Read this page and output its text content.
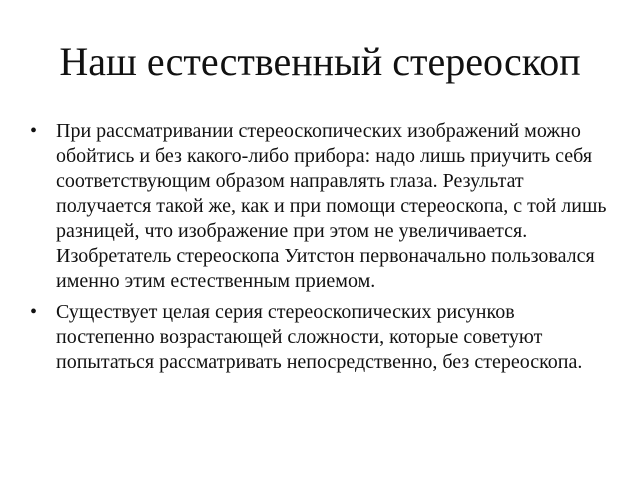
Наш естественный стереоскоп
• При рассматривании стереоскопических изображений можно обойтись и без какого-либо прибора: надо лишь приучить себя соответствующим образом направлять глаза. Результат получается такой же, как и при помощи стереоскопа, с той лишь разницей, что изображение при этом не увеличивается. Изобретатель стереоскопа Уитстон первоначально пользовался именно этим естественным приемом.
• Существует целая серия стереоскопических рисунков постепенно возрастающей сложности, которые советуют попытаться рассматривать непосредственно, без стереоскопа.
